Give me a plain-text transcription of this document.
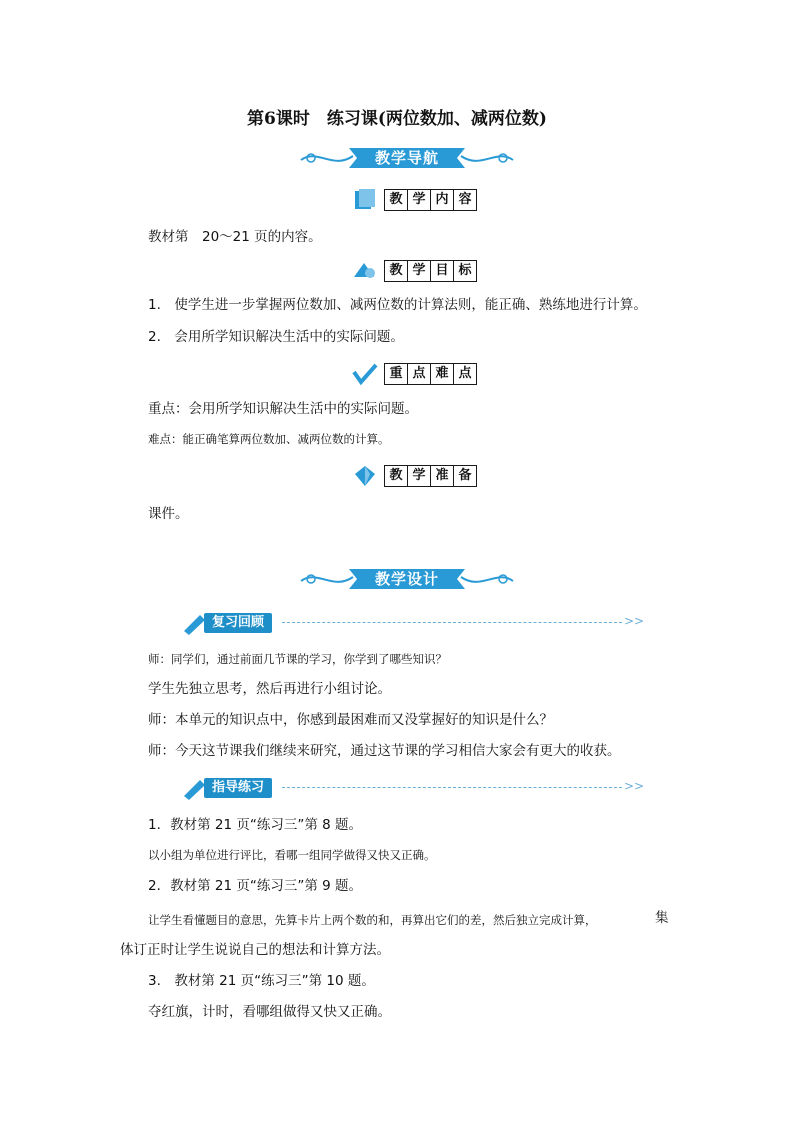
第6课时　练习课(两位数加、减两位数)
教学导航
教 学 内 容
教材第　20～21 页的内容。
教 学 目 标
1.　使学生进一步掌握两位数加、减两位数的计算法则，能正确、熟练地进行计算。
2.　会用所学知识解决生活中的实际问题。
重 点 难 点
重点：会用所学知识解决生活中的实际问题。
难点：能正确笔算两位数加、减两位数的计算。
教 学 准 备
课件。
教学设计
复习回顾	>>
师：同学们，通过前面几节课的学习，你学到了哪些知识？
学生先独立思考，然后再进行小组讨论。
师：本单元的知识点中，你感到最困难而又没掌握好的知识是什么？
师：今天这节课我们继续来研究，通过这节课的学习相信大家会有更大的收获。
指导练习	>>
1．教材第 21 页“练习三”第 8 题。
以小组为单位进行评比，看哪一组同学做得又快又正确。
2．教材第 21 页“练习三”第 9 题。
让学生看懂题目的意思，先算卡片上两个数的和，再算出它们的差，然后独立完成计算，	集
体订正时让学生说说自己的想法和计算方法。
3.　教材第 21 页“练习三”第 10 题。
夺红旗，计时，看哪组做得又快又正确。
